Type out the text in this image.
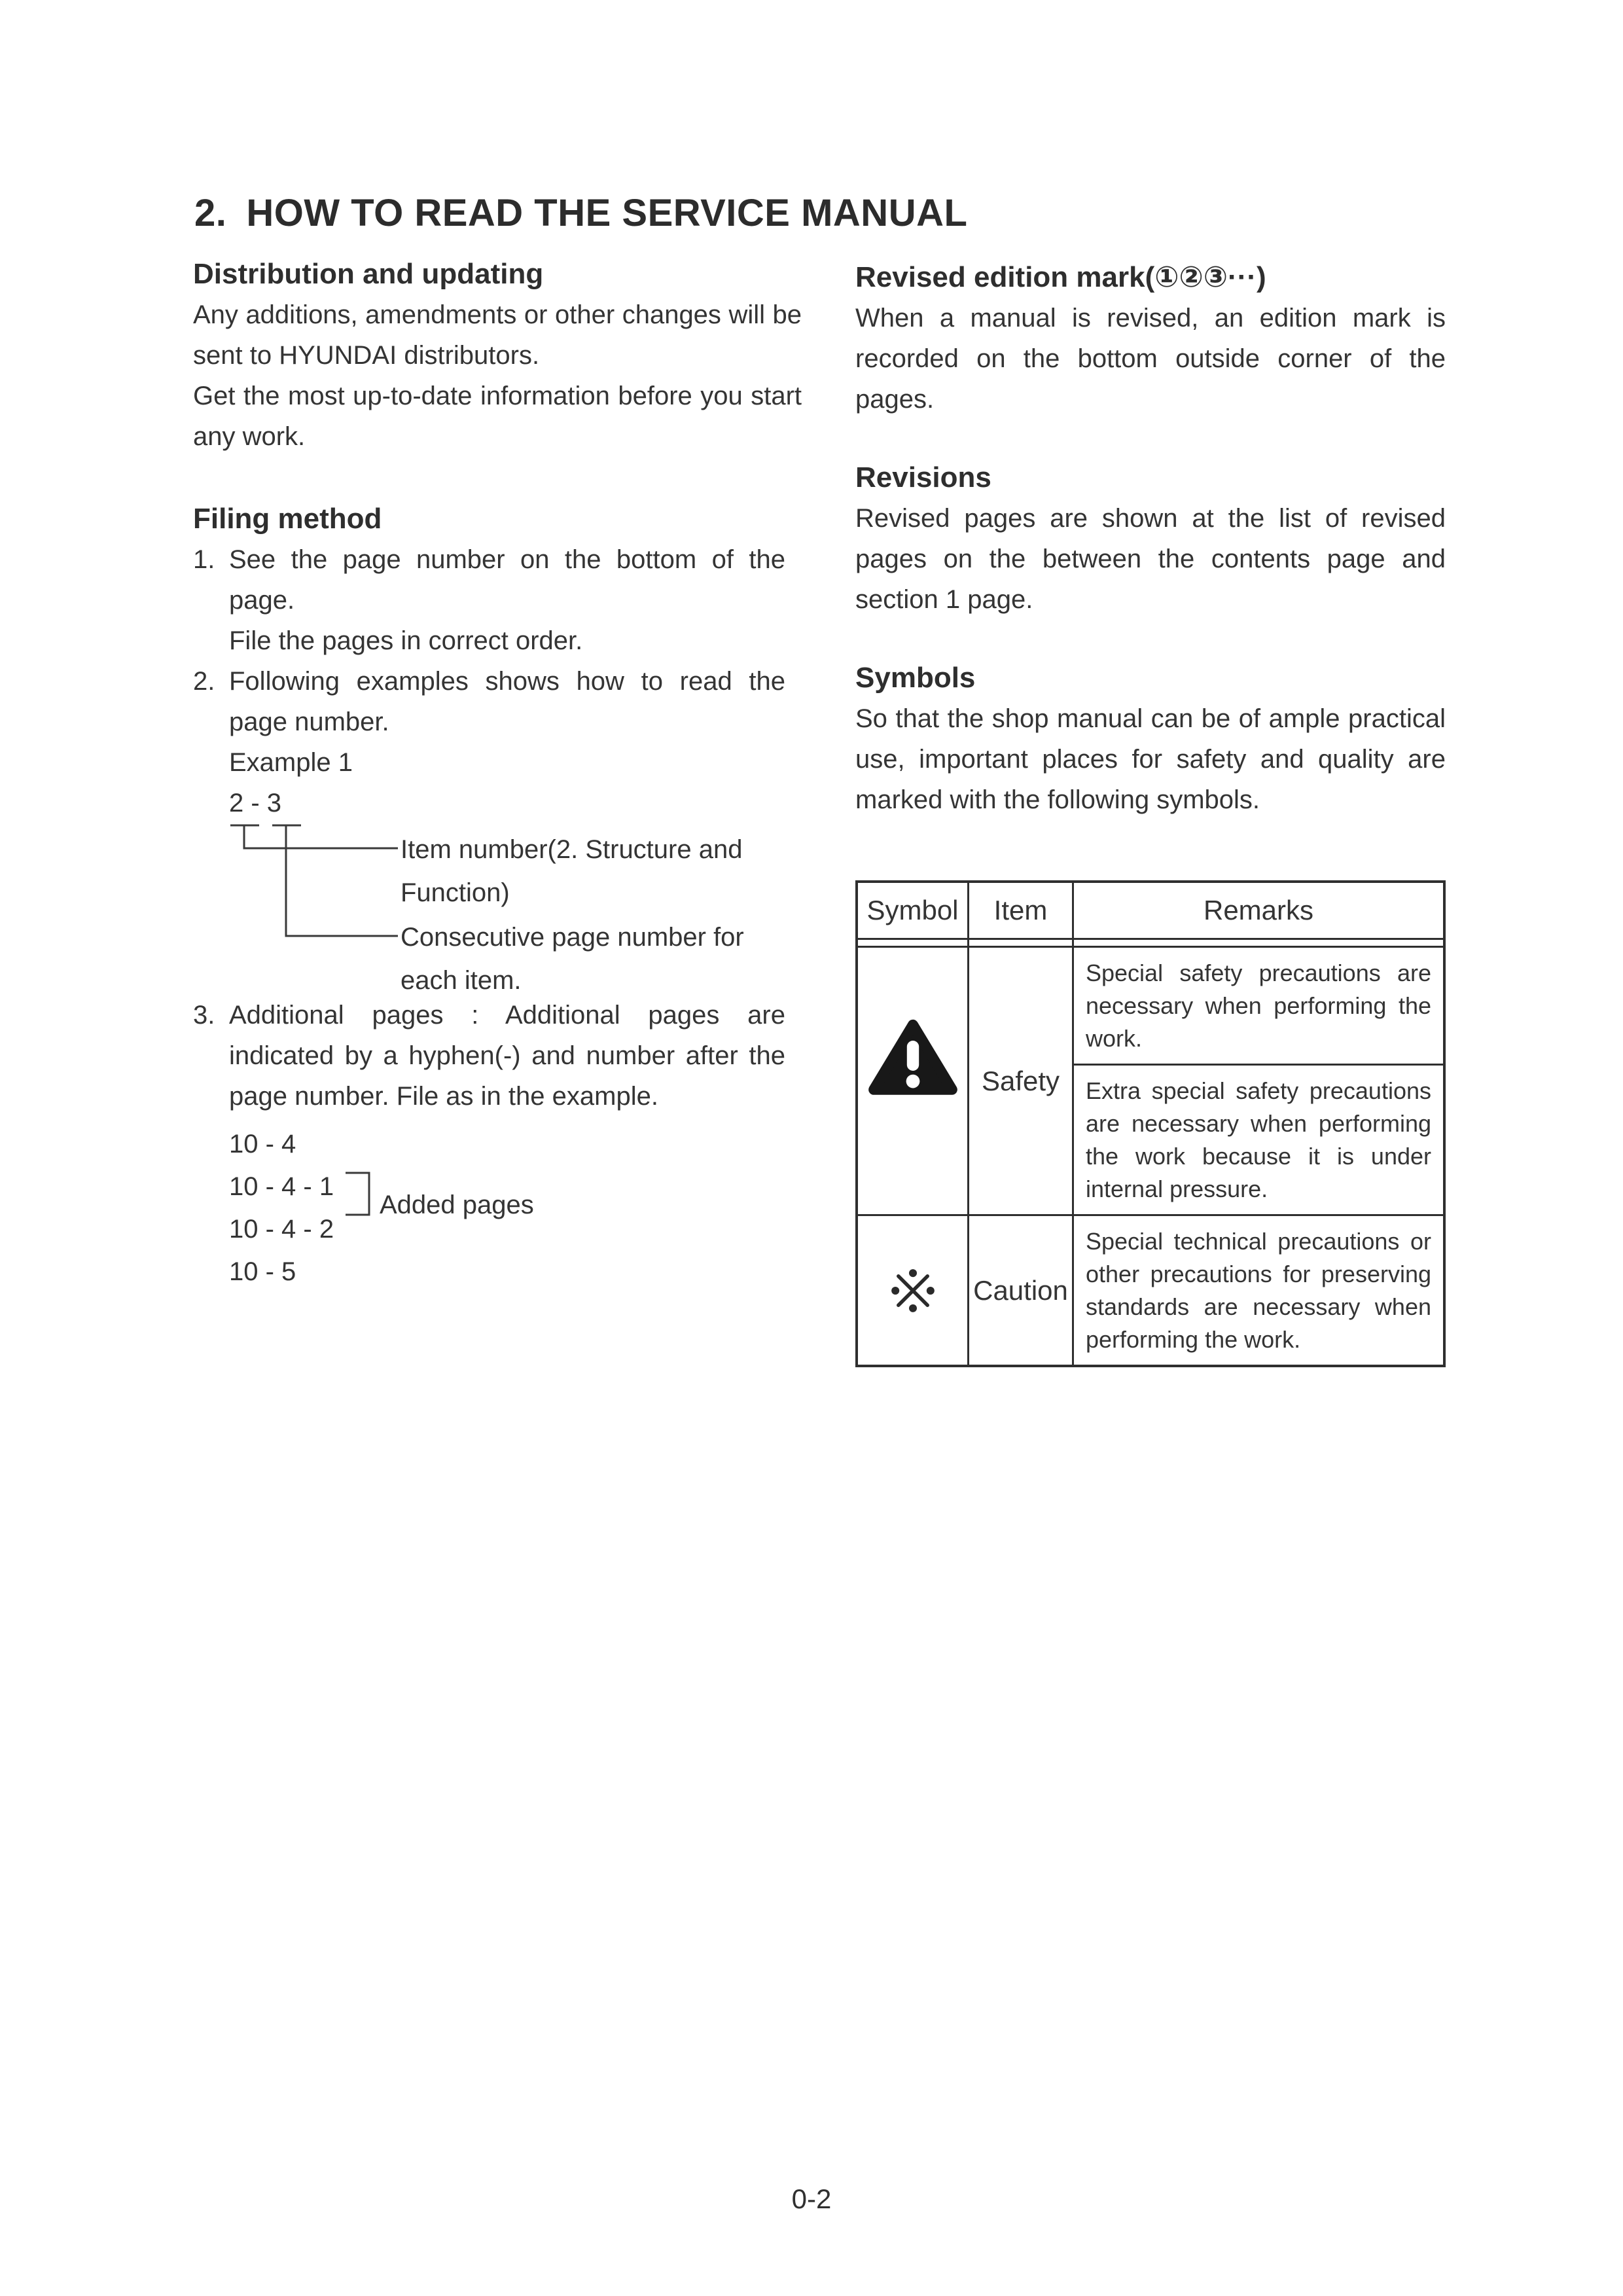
2. HOW TO READ THE SERVICE MANUAL
Distribution and updating
Any additions, amendments or other changes will be sent to HYUNDAI distributors.
Get the most up-to-date information before you start any work.
Filing method
1. See the page number on the bottom of the page.
File the pages in correct order.
2. Following examples shows how to read the page number.
Example 1
2 - 3
Item number(2. Structure and Function)
Consecutive page number for each item.
3. Additional pages : Additional pages are indicated by a hyphen(-) and number after the page number. File as in the example.
10 - 4
10 - 4 - 1
10 - 4 - 2
10 - 5
Added pages
Revised edition mark(①②③···)
When a manual is revised, an edition mark is recorded on the bottom outside corner of the pages.
Revisions
Revised pages are shown at the list of revised pages on the between the contents page and section 1 page.
Symbols
So that the shop manual can be of ample practical use, important places for safety and quality are marked with the following symbols.
Symbol	Item	Remarks
Safety
Special safety precautions are necessary when performing the work.
Extra special safety precautions are necessary when performing the work because it is under internal pressure.
Caution
Special technical precautions or other precautions for preserving standards are necessary when performing the work.
0-2
